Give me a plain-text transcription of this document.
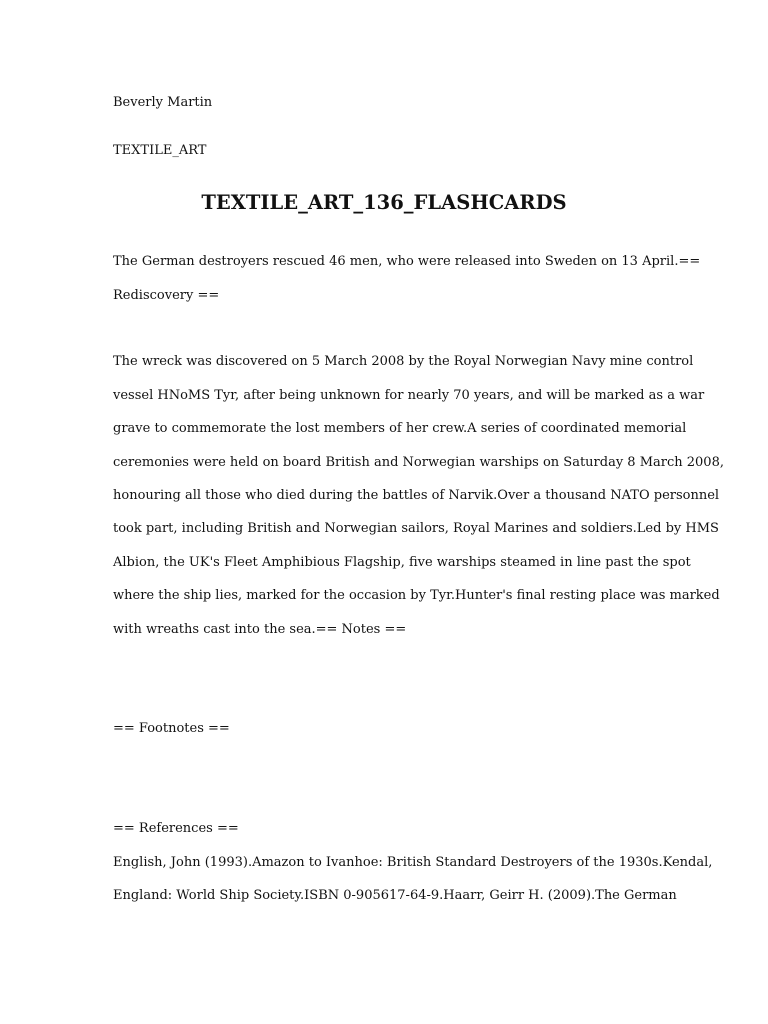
Beverly Martin
TEXTILE_ART
TEXTILE_ART_136_FLASHCARDS
The German destroyers rescued 46 men, who were released into Sweden on 13 April.==
Rediscovery ==
The wreck was discovered on 5 March 2008 by the Royal Norwegian Navy mine control
vessel HNoMS Tyr, after being unknown for nearly 70 years, and will be marked as a war
grave to commemorate the lost members of her crew.A series of coordinated memorial
ceremonies were held on board British and Norwegian warships on Saturday 8 March 2008,
honouring all those who died during the battles of Narvik.Over a thousand NATO personnel
took part, including British and Norwegian sailors, Royal Marines and soldiers.Led by HMS
Albion, the UK's Fleet Amphibious Flagship, five warships steamed in line past the spot
where the ship lies, marked for the occasion by Tyr.Hunter's final resting place was marked
with wreaths cast into the sea.== Notes ==
== Footnotes ==
== References ==
English, John (1993).Amazon to Ivanhoe: British Standard Destroyers of the 1930s.Kendal,
England: World Ship Society.ISBN 0-905617-64-9.Haarr, Geirr H. (2009).The German
